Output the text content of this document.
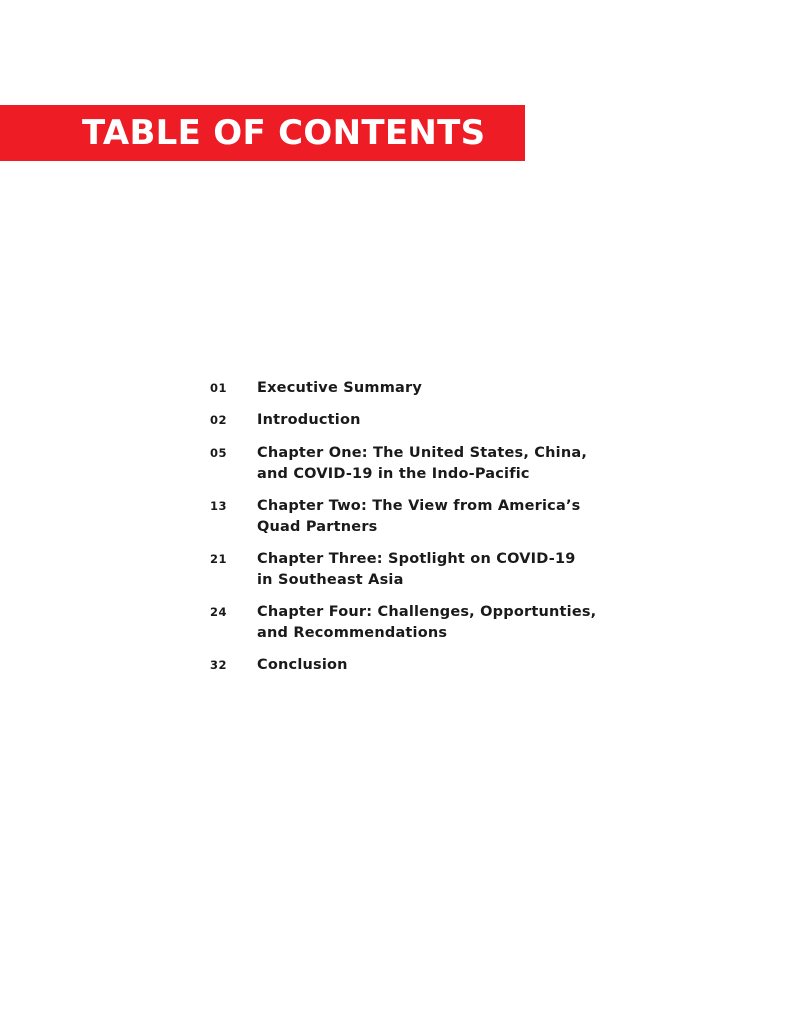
TABLE OF CONTENTS
01 Executive Summary
02 Introduction
05 Chapter One: The United States, China,
and COVID-19 in the Indo-Pacific
13 Chapter Two: The View from America’s
Quad Partners
21 Chapter Three: Spotlight on COVID-19
in Southeast Asia
24 Chapter Four: Challenges, Opportunties,
and Recommendations
32 Conclusion
